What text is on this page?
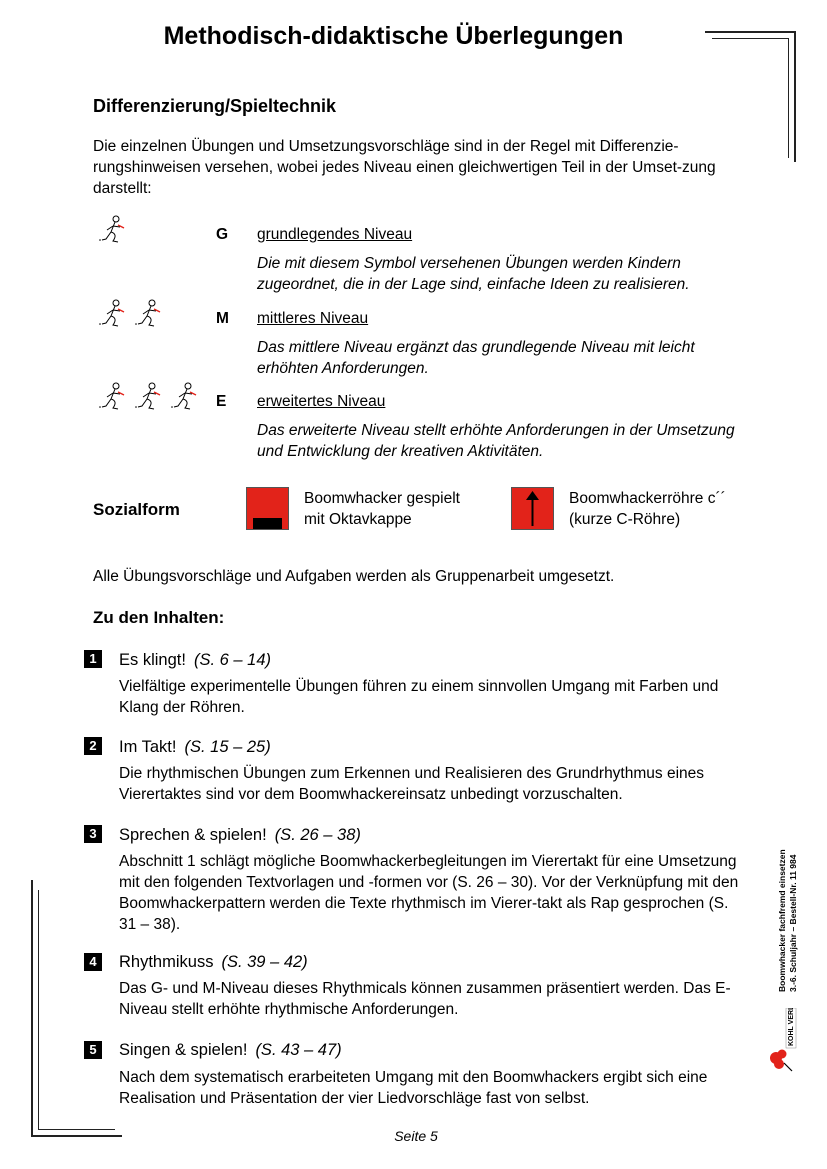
Methodisch-didaktische Überlegungen
Differenzierung/Spieltechnik
Die einzelnen Übungen und Umsetzungsvorschläge sind in der Regel mit Differenzie-rungshinweisen versehen, wobei jedes Niveau einen gleichwertigen Teil in der Umset-zung darstellt:
G grundlegendes Niveau
Die mit diesem Symbol versehenen Übungen werden Kindern zugeordnet, die in der Lage sind, einfache Ideen zu realisieren.
M mittleres Niveau
Das mittlere Niveau ergänzt das grundlegende Niveau mit leicht erhöhten Anforderungen.
E erweitertes Niveau
Das erweiterte Niveau stellt erhöhte Anforderungen in der Umsetzung und Entwicklung der kreativen Aktivitäten.
Sozialform
Boomwhacker gespielt
mit Oktavkappe
Boomwhackerröhre c´´
(kurze C-Röhre)
Alle Übungsvorschläge und Aufgaben werden als Gruppenarbeit umgesetzt.
Zu den Inhalten:
1	Es klingt! (S. 6 – 14)
Vielfältige experimentelle Übungen führen zu einem sinnvollen Umgang mit Farben und Klang der Röhren.
2	Im Takt! (S. 15 – 25)
Die rhythmischen Übungen zum Erkennen und Realisieren des Grundrhythmus eines Vierertaktes sind vor dem Boomwhackereinsatz unbedingt vorzuschalten.
3	Sprechen & spielen! (S. 26 – 38)
Abschnitt 1 schlägt mögliche Boomwhackerbegleitungen im Vierertakt für eine Umsetzung mit den folgenden Textvorlagen und -formen vor (S. 26 – 30). Vor der Verknüpfung mit den Boomwhackerpattern werden die Texte rhythmisch im Vierer-takt als Rap gesprochen (S. 31 – 38).
4	Rhythmikuss (S. 39 – 42)
Das G- und M-Niveau dieses Rhythmicals können zusammen präsentiert werden. Das E-Niveau stellt erhöhte rhythmische Anforderungen.
5	Singen & spielen! (S. 43 – 47)
Nach dem systematisch erarbeiteten Umgang mit den Boomwhackers ergibt sich eine Realisation und Präsentation der vier Liedvorschläge fast von selbst.
Boomwhacker fachfremd einsetzen 3.-6. Schuljahr – Bestell-Nr. 11 984
KOHL VERLAG
Seite 5
